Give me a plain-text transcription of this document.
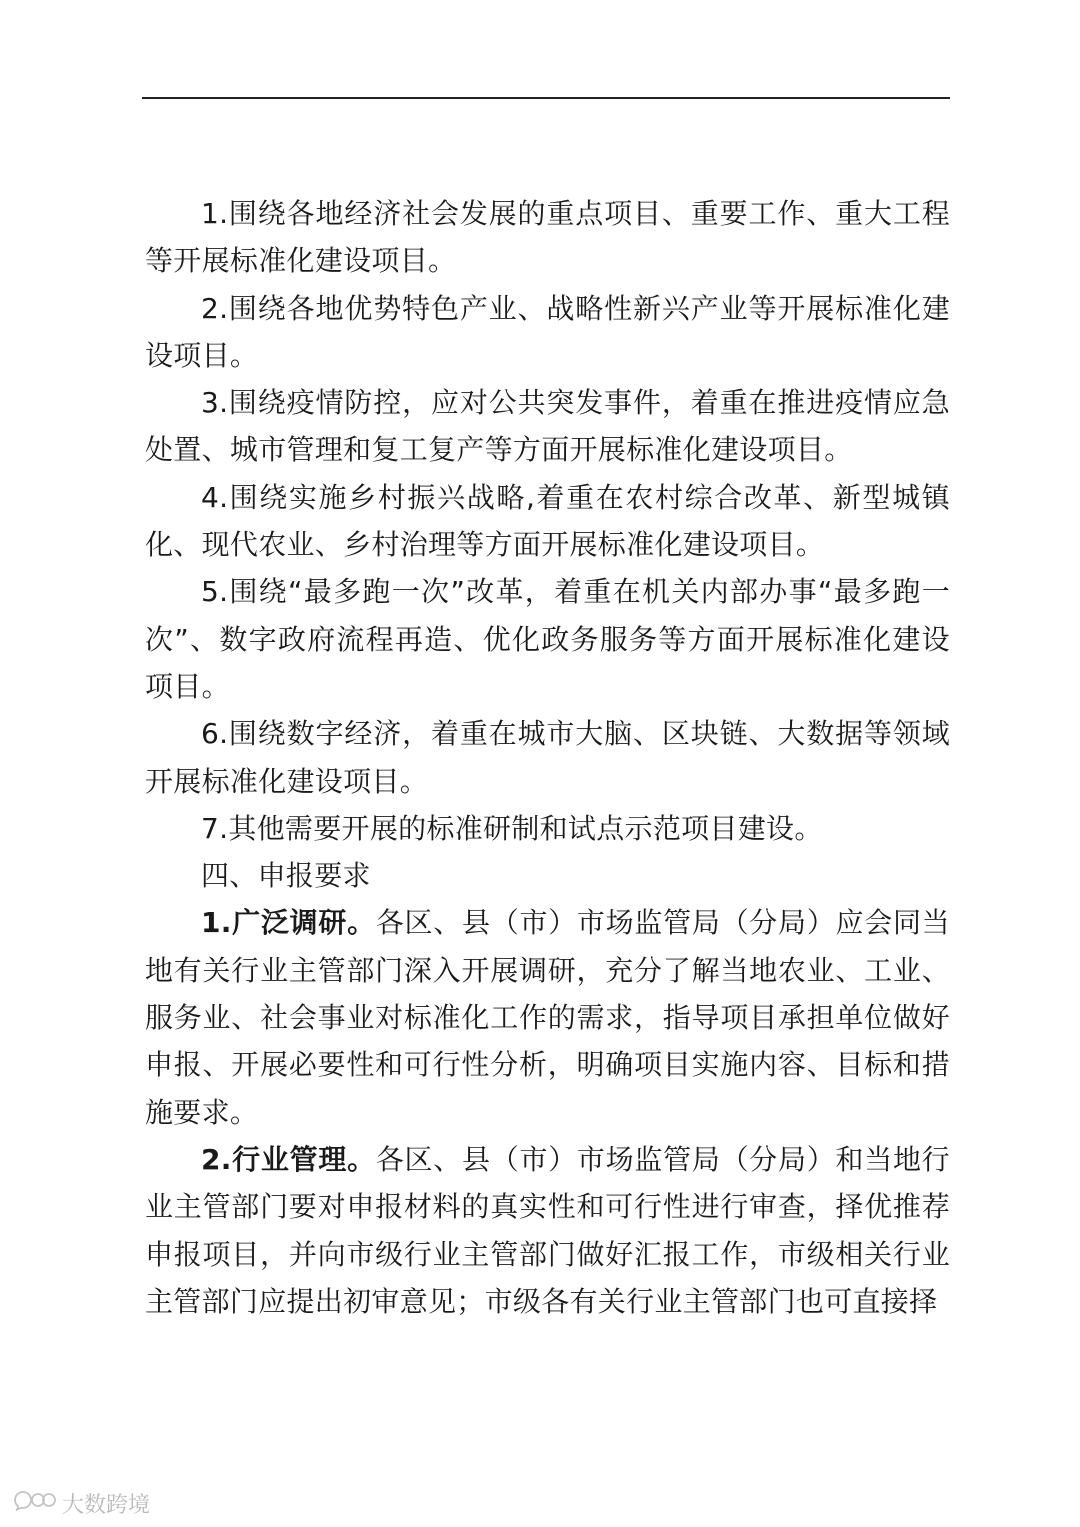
1.围绕各地经济社会发展的重点项目、重要工作、重大工程等开展标准化建设项目。

2.围绕各地优势特色产业、战略性新兴产业等开展标准化建设项目。

3.围绕疫情防控，应对公共突发事件，着重在推进疫情应急处置、城市管理和复工复产等方面开展标准化建设项目。

4.围绕实施乡村振兴战略,着重在农村综合改革、新型城镇化、现代农业、乡村治理等方面开展标准化建设项目。

5.围绕“最多跑一次”改革，着重在机关内部办事“最多跑一次”、数字政府流程再造、优化政务服务等方面开展标准化建设项目。

6.围绕数字经济，着重在城市大脑、区块链、大数据等领域开展标准化建设项目。

7.其他需要开展的标准研制和试点示范项目建设。

四、申报要求

1.广泛调研。各区、县（市）市场监管局（分局）应会同当地有关行业主管部门深入开展调研，充分了解当地农业、工业、服务业、社会事业对标准化工作的需求，指导项目承担单位做好申报、开展必要性和可行性分析，明确项目实施内容、目标和措施要求。

2.行业管理。各区、县（市）市场监管局（分局）和当地行业主管部门要对申报材料的真实性和可行性进行审查，择优推荐申报项目，并向市级行业主管部门做好汇报工作，市级相关行业主管部门应提出初审意见；市级各有关行业主管部门也可直接择

大数跨境
